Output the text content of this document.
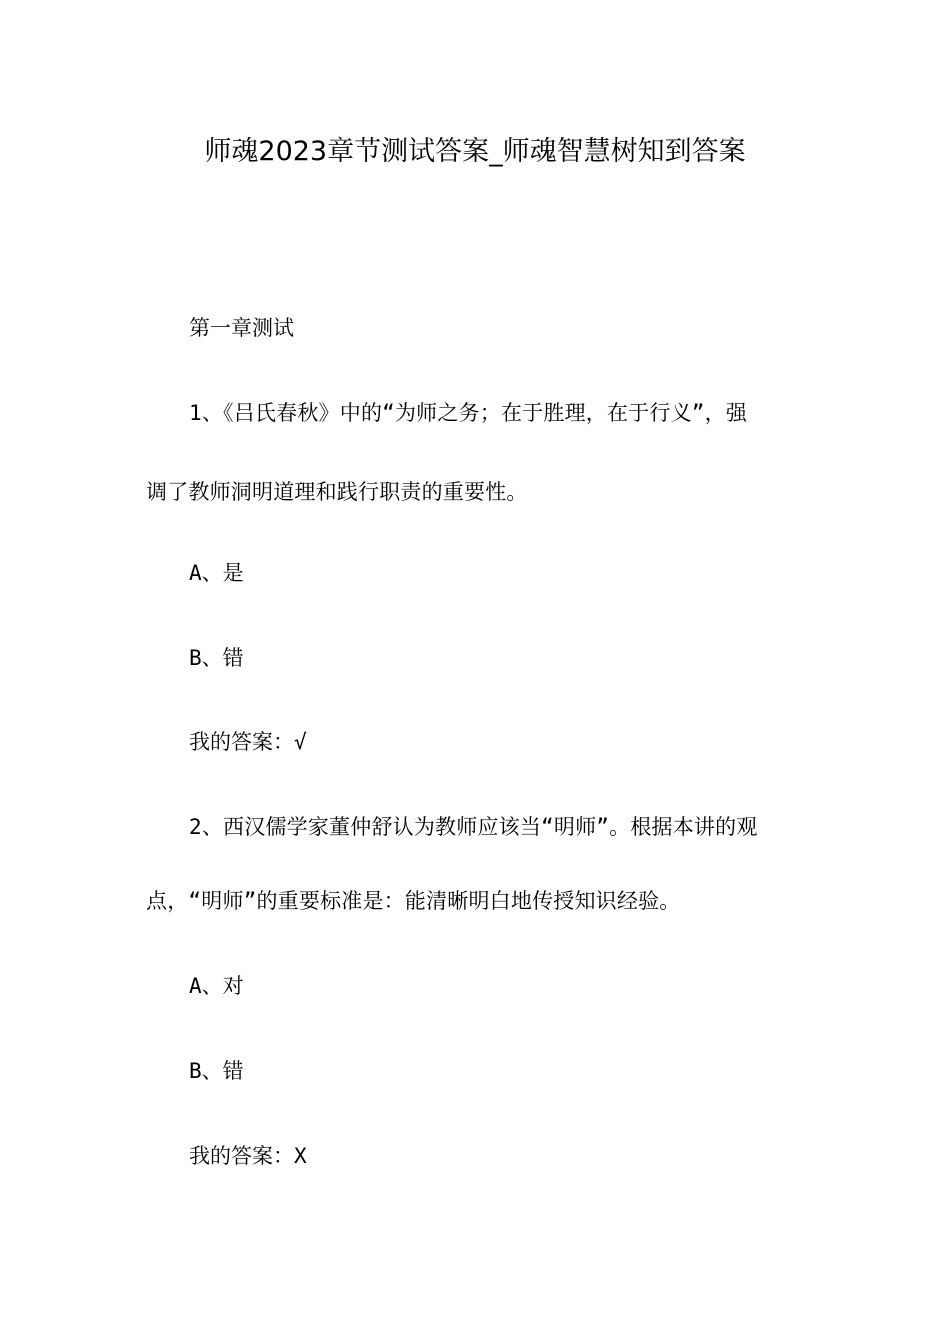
师魂2023章节测试答案_师魂智慧树知到答案
第一章测试
1、《吕氏春秋》中的“为师之务；在于胜理，在于行义”，强
调了教师洞明道理和践行职责的重要性。
A、是
B、错
我的答案：√
2、西汉儒学家董仲舒认为教师应该当“明师”。根据本讲的观
点，“明师”的重要标准是：能清晰明白地传授知识经验。
A、对
B、错
我的答案：X
